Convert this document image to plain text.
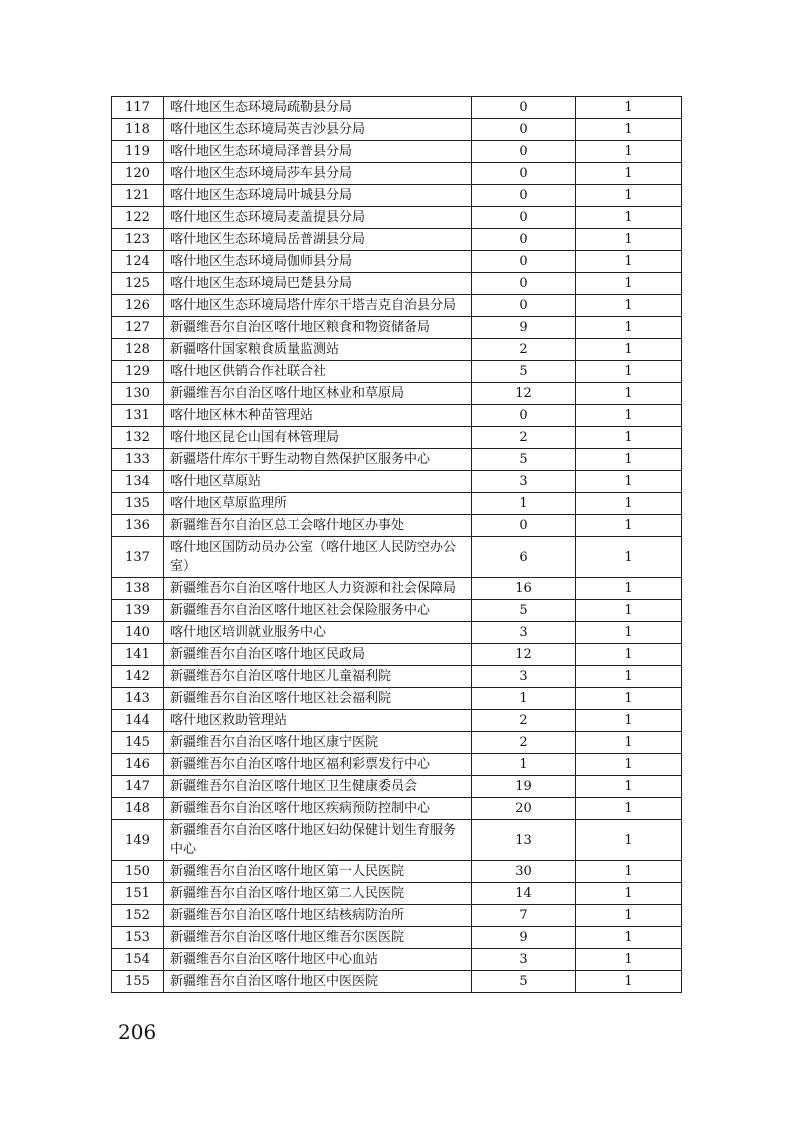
117	喀什地区生态环境局疏勒县分局	0	1
118	喀什地区生态环境局英吉沙县分局	0	1
119	喀什地区生态环境局泽普县分局	0	1
120	喀什地区生态环境局莎车县分局	0	1
121	喀什地区生态环境局叶城县分局	0	1
122	喀什地区生态环境局麦盖提县分局	0	1
123	喀什地区生态环境局岳普湖县分局	0	1
124	喀什地区生态环境局伽师县分局	0	1
125	喀什地区生态环境局巴楚县分局	0	1
126	喀什地区生态环境局塔什库尔干塔吉克自治县分局	0	1
127	新疆维吾尔自治区喀什地区粮食和物资储备局	9	1
128	新疆喀什国家粮食质量监测站	2	1
129	喀什地区供销合作社联合社	5	1
130	新疆维吾尔自治区喀什地区林业和草原局	12	1
131	喀什地区林木种苗管理站	0	1
132	喀什地区昆仑山国有林管理局	2	1
133	新疆塔什库尔干野生动物自然保护区服务中心	5	1
134	喀什地区草原站	3	1
135	喀什地区草原监理所	1	1
136	新疆维吾尔自治区总工会喀什地区办事处	0	1
137	喀什地区国防动员办公室（喀什地区人民防空办公室）	6	1
138	新疆维吾尔自治区喀什地区人力资源和社会保障局	16	1
139	新疆维吾尔自治区喀什地区社会保险服务中心	5	1
140	喀什地区培训就业服务中心	3	1
141	新疆维吾尔自治区喀什地区民政局	12	1
142	新疆维吾尔自治区喀什地区儿童福利院	3	1
143	新疆维吾尔自治区喀什地区社会福利院	1	1
144	喀什地区救助管理站	2	1
145	新疆维吾尔自治区喀什地区康宁医院	2	1
146	新疆维吾尔自治区喀什地区福利彩票发行中心	1	1
147	新疆维吾尔自治区喀什地区卫生健康委员会	19	1
148	新疆维吾尔自治区喀什地区疾病预防控制中心	20	1
149	新疆维吾尔自治区喀什地区妇幼保健计划生育服务中心	13	1
150	新疆维吾尔自治区喀什地区第一人民医院	30	1
151	新疆维吾尔自治区喀什地区第二人民医院	14	1
152	新疆维吾尔自治区喀什地区结核病防治所	7	1
153	新疆维吾尔自治区喀什地区维吾尔医医院	9	1
154	新疆维吾尔自治区喀什地区中心血站	3	1
155	新疆维吾尔自治区喀什地区中医医院	5	1
206
